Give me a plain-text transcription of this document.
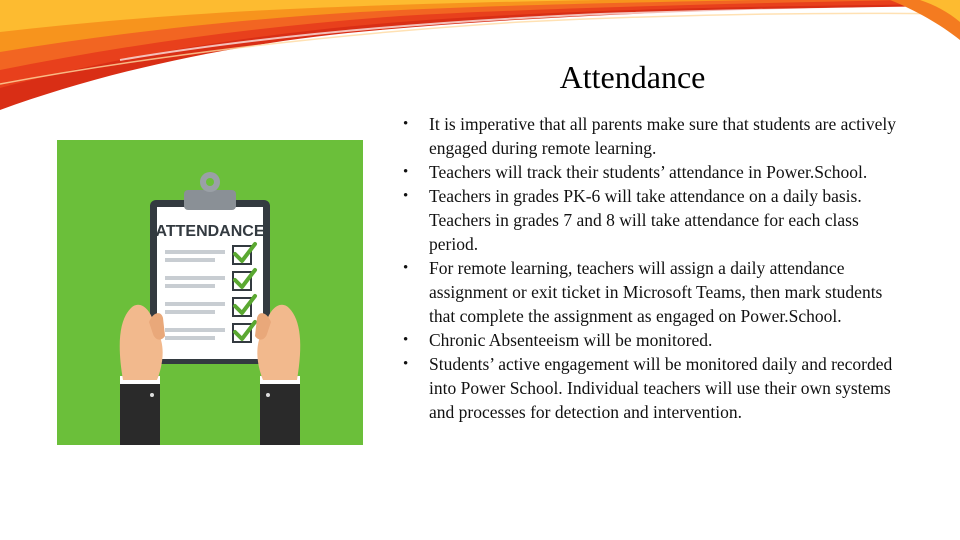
Attendance
ATTENDANCE
• It is imperative that all parents make sure that students are actively engaged during remote learning.
• Teachers will track their students’ attendance in Power.School.
• Teachers in grades PK-6 will take attendance on a daily basis. Teachers in grades 7 and 8 will take attendance for each class period.
• For remote learning, teachers will assign a daily attendance assignment or exit ticket in Microsoft Teams, then mark students that complete the assignment as engaged on Power.School.
• Chronic Absenteeism will be monitored.
• Students’ active engagement will be monitored daily and recorded into Power School. Individual teachers will use their own systems and processes for detection and intervention.
